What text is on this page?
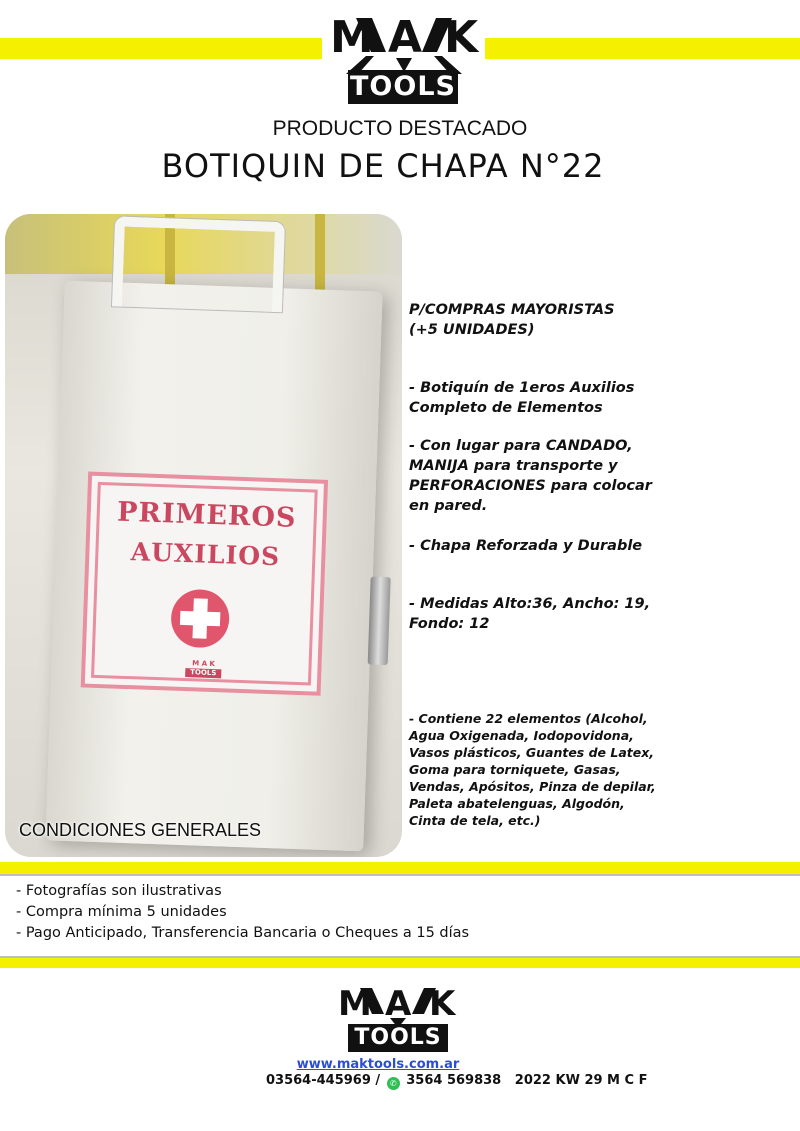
M A K
TOOLS
PRODUCTO DESTACADO
BOTIQUIN DE CHAPA N°22
PRIMEROS
AUXILIOS
M A K
TOOLS
CONDICIONES GENERALES
- Fotografías son ilustrativas
- Compra mínima 5 unidades
- Pago Anticipado, Transferencia Bancaria o Cheques a 15 días
P/COMPRAS MAYORISTAS
(+5 UNIDADES)
- Botiquín de 1eros Auxilios
Completo de Elementos
- Con lugar para CANDADO,
MANIJA para transporte y
PERFORACIONES para colocar
en pared.
- Chapa Reforzada y Durable
- Medidas Alto:36, Ancho: 19,
Fondo: 12
- Contiene 22 elementos (Alcohol,
Agua Oxigenada, Iodopovidona,
Vasos plásticos, Guantes de Latex,
Goma para torniquete, Gasas,
Vendas, Apósitos, Pinza de depilar,
Paleta abatelenguas, Algodón,
Cinta de tela, etc.)
M A K
TOOLS
www.maktools.com.ar
03564-445969 / ✆ 3564 569838 2022 KW 29 M C F
